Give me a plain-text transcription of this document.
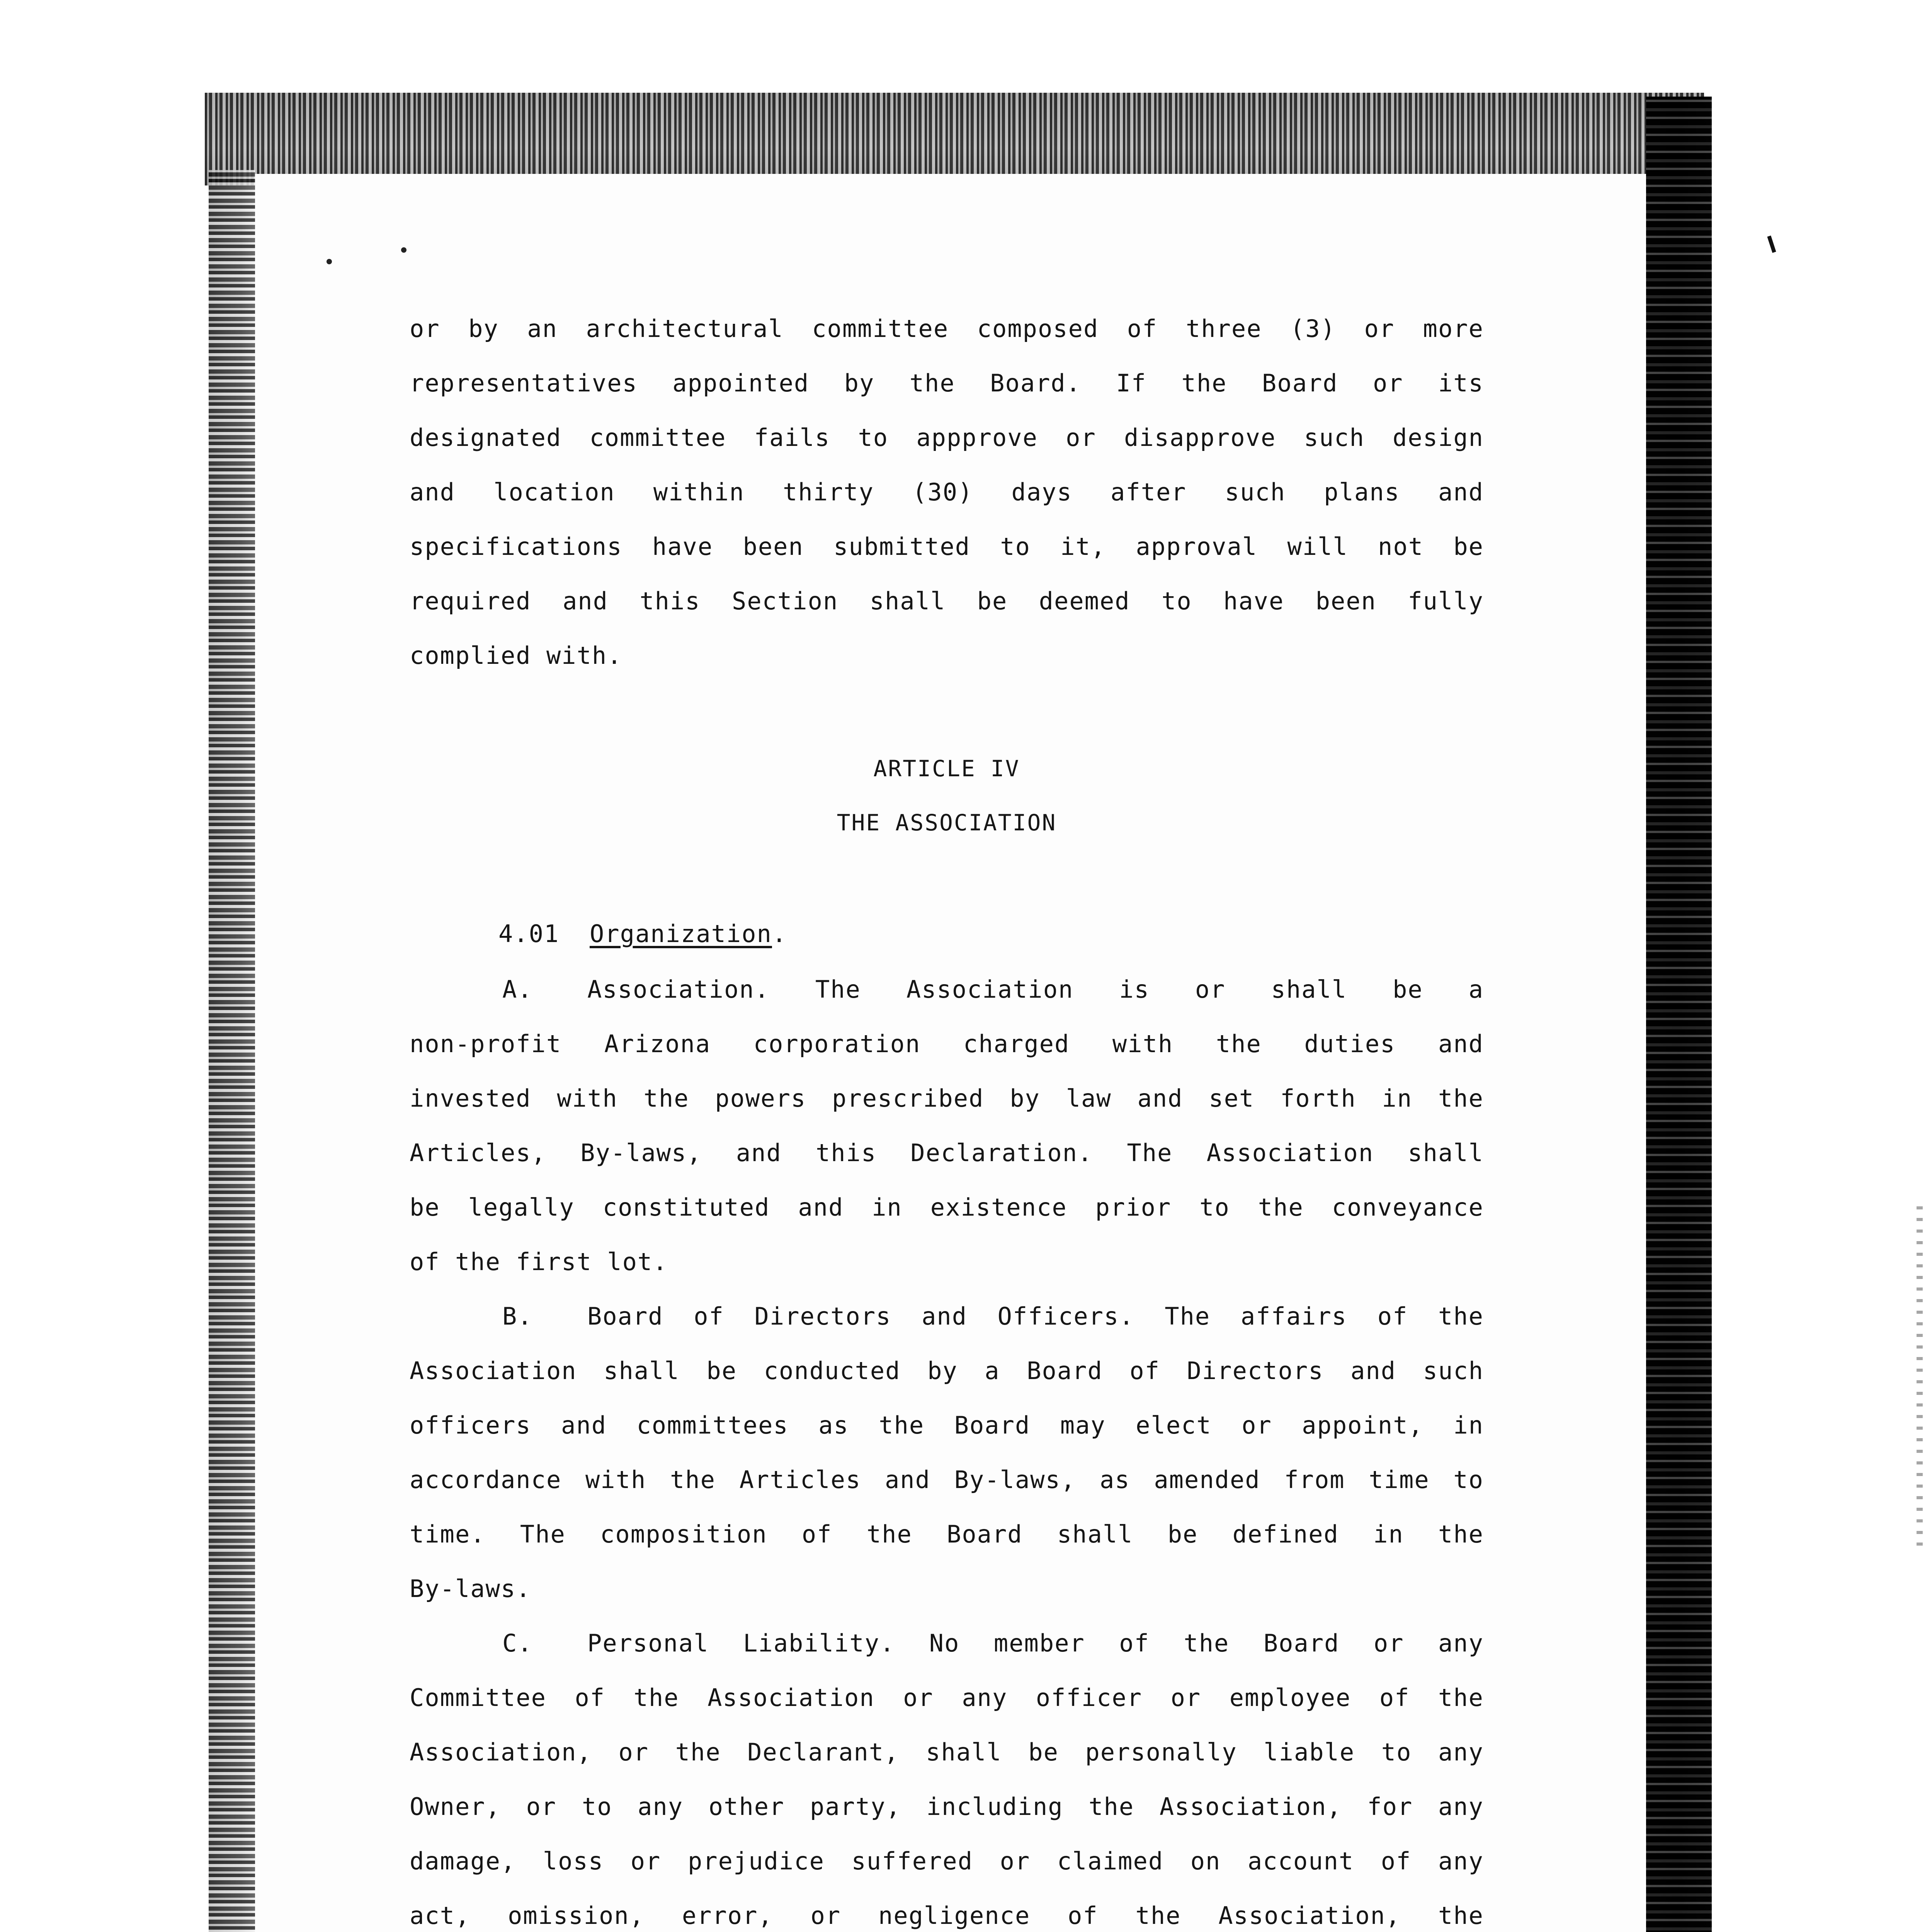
or by an architectural committee composed of three (3) or more
representatives appointed by the Board. If the Board or its
designated committee fails to appprove or disapprove such design
and location within thirty (30) days after such plans and
specifications have been submitted to it, approval will not be
required and this Section shall be deemed to have been fully
complied with.
ARTICLE IV
THE ASSOCIATION
4.01 Organization.
A. Association. The Association is or shall be a
non-profit Arizona corporation charged with the duties and
invested with the powers prescribed by law and set forth in the
Articles, By-laws, and this Declaration. The Association shall
be legally constituted and in existence prior to the conveyance
of the first lot.
B. Board of Directors and Officers. The affairs of the
Association shall be conducted by a Board of Directors and such
officers and committees as the Board may elect or appoint, in
accordance with the Articles and By-laws, as amended from time to
time. The composition of the Board shall be defined in the
By-laws.
C. Personal Liability. No member of the Board or any
Committee of the Association or any officer or employee of the
Association, or the Declarant, shall be personally liable to any
Owner, or to any other party, including the Association, for any
damage, loss or prejudice suffered or claimed on account of any
act, omission, error, or negligence of the Association, the
